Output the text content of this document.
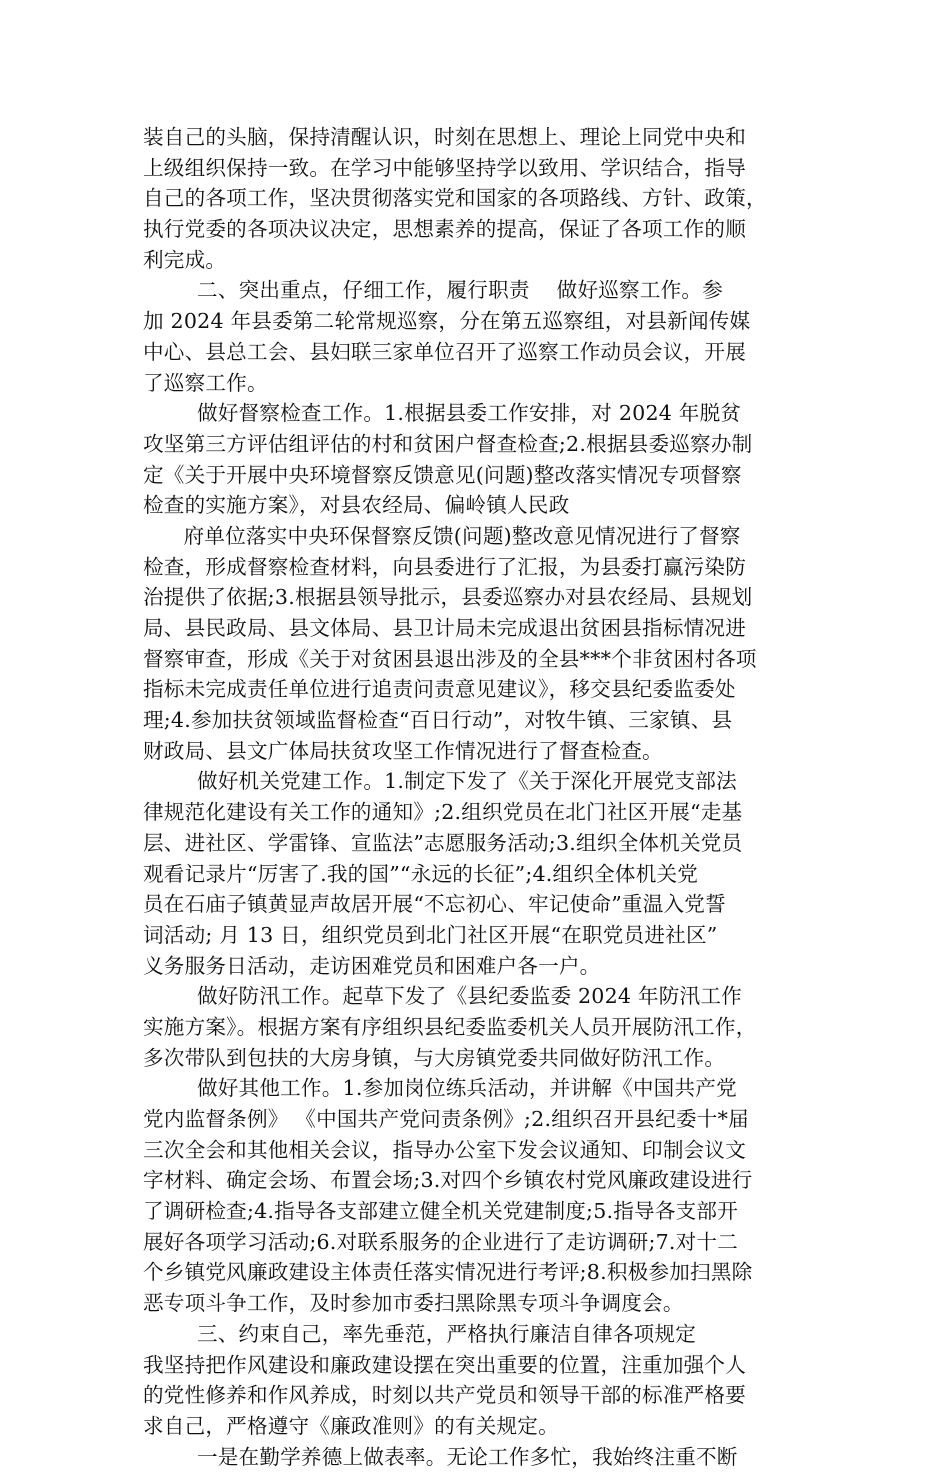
装自己的头脑，保持清醒认识，时刻在思想上、理论上同党中央和
上级组织保持一致。在学习中能够坚持学以致用、学识结合，指导
自己的各项工作，坚决贯彻落实党和国家的各项路线、方针、政策，
执行党委的各项决议决定，思想素养的提高，保证了各项工作的顺
利完成。
二、突出重点，仔细工作，履行职责    做好巡察工作。参
加 2024 年县委第二轮常规巡察，分在第五巡察组，对县新闻传媒
中心、县总工会、县妇联三家单位召开了巡察工作动员会议，开展
了巡察工作。
做好督察检查工作。1.根据县委工作安排，对 2024 年脱贫
攻坚第三方评估组评估的村和贫困户督查检查;2.根据县委巡察办制
定《关于开展中央环境督察反馈意见(问题)整改落实情况专项督察
检查的实施方案》，对县农经局、偏岭镇人民政
府单位落实中央环保督察反馈(问题)整改意见情况进行了督察
检查，形成督察检查材料，向县委进行了汇报，为县委打赢污染防
治提供了依据;3.根据县领导批示，县委巡察办对县农经局、县规划
局、县民政局、县文体局、县卫计局未完成退出贫困县指标情况进
督察审查，形成《关于对贫困县退出涉及的全县***个非贫困村各项
指标未完成责任单位进行追责问责意见建议》，移交县纪委监委处
理;4.参加扶贫领域监督检查“百日行动”，对牧牛镇、三家镇、县
财政局、县文广体局扶贫攻坚工作情况进行了督查检查。
做好机关党建工作。1.制定下发了《关于深化开展党支部法
律规范化建设有关工作的通知》;2.组织党员在北门社区开展“走基
层、进社区、学雷锋、宣监法”志愿服务活动;3.组织全体机关党员
观看记录片“厉害了.我的国”“永远的长征”;4.组织全体机关党
员在石庙子镇黄显声故居开展“不忘初心、牢记使命”重温入党誓
词活动; 月 13 日，组织党员到北门社区开展“在职党员进社区”
义务服务日活动，走访困难党员和困难户各一户。
做好防汛工作。起草下发了《县纪委监委 2024 年防汛工作
实施方案》。根据方案有序组织县纪委监委机关人员开展防汛工作，
多次带队到包扶的大房身镇，与大房镇党委共同做好防汛工作。
做好其他工作。1.参加岗位练兵活动，并讲解《中国共产党
党内监督条例》 《中国共产党问责条例》;2.组织召开县纪委十*届
三次全会和其他相关会议，指导办公室下发会议通知、印制会议文
字材料、确定会场、布置会场;3.对四个乡镇农村党风廉政建设进行
了调研检查;4.指导各支部建立健全机关党建制度;5.指导各支部开
展好各项学习活动;6.对联系服务的企业进行了走访调研;7.对十二
个乡镇党风廉政建设主体责任落实情况进行考评;8.积极参加扫黑除
恶专项斗争工作，及时参加市委扫黑除黑专项斗争调度会。
三、约束自己，率先垂范，严格执行廉洁自律各项规定
我坚持把作风建设和廉政建设摆在突出重要的位置，注重加强个人
的党性修养和作风养成，时刻以共产党员和领导干部的标准严格要
求自己，严格遵守《廉政准则》的有关规定。
一是在勤学养德上做表率。无论工作多忙，我始终注重不断
